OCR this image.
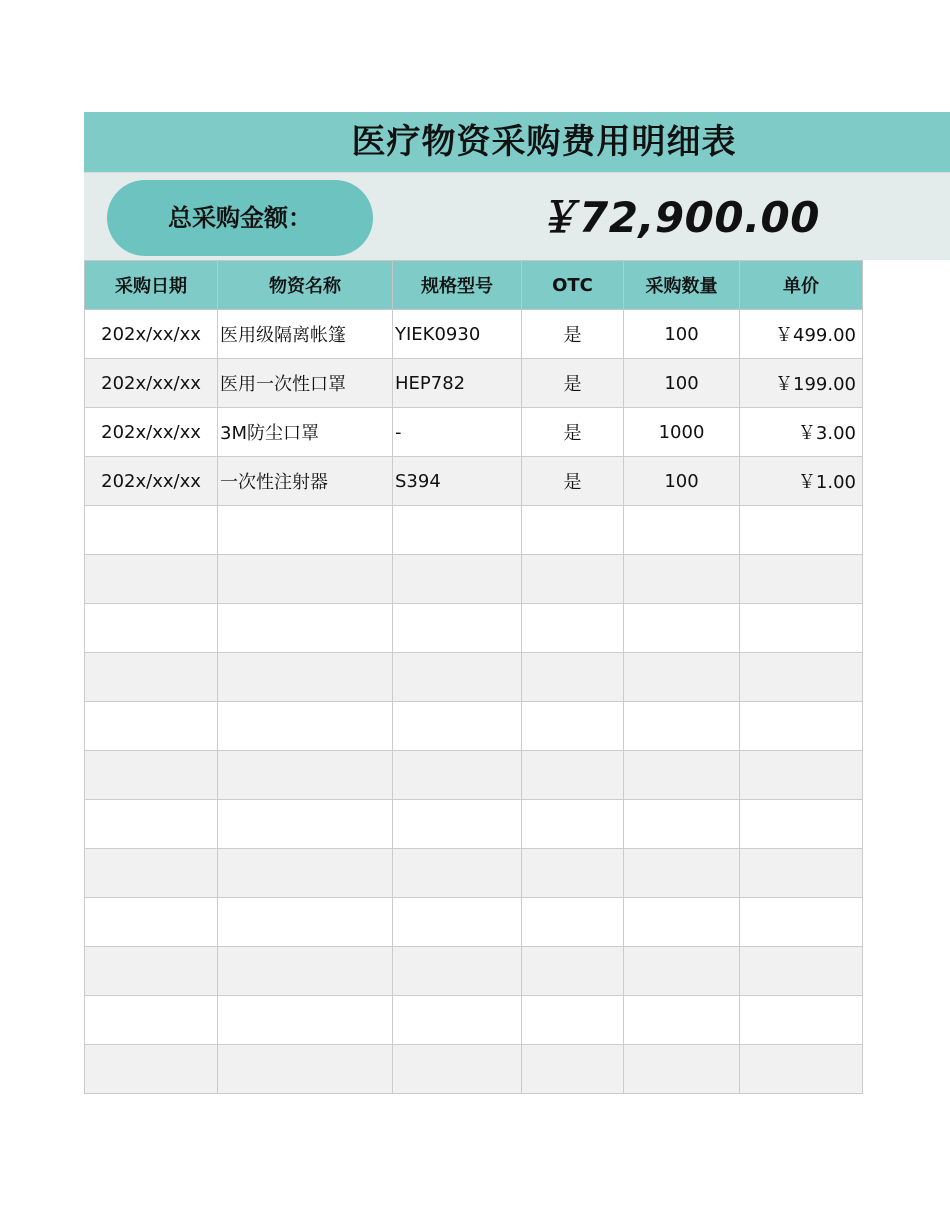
医疗物资采购费用明细表
总采购金额：	￥72,900.00
采购日期	物资名称	规格型号	OTC	采购数量	单价
202x/xx/xx	医用级隔离帐篷	YIEK0930	是	100	￥499.00
202x/xx/xx	医用一次性口罩	HEP782	是	100	￥199.00
202x/xx/xx	3M防尘口罩	-	是	1000	￥3.00
202x/xx/xx	一次性注射器	S394	是	100	￥1.00
